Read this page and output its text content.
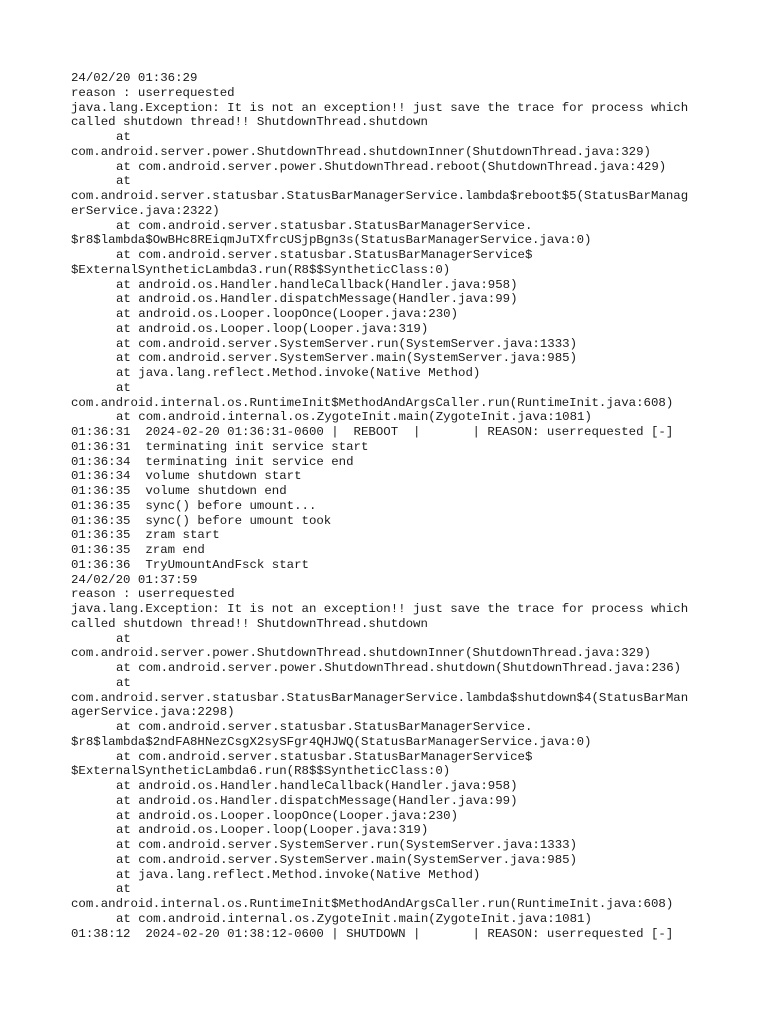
24/02/20 01:36:29
reason : userrequested
java.lang.Exception: It is not an exception!! just save the trace for process which
called shutdown thread!! ShutdownThread.shutdown
at
com.android.server.power.ShutdownThread.shutdownInner(ShutdownThread.java:329)
at com.android.server.power.ShutdownThread.reboot(ShutdownThread.java:429)
at
com.android.server.statusbar.StatusBarManagerService.lambda$reboot$5(StatusBarManag
erService.java:2322)
at com.android.server.statusbar.StatusBarManagerService.
$r8$lambda$OwBHc8REiqmJuTXfrcUSjpBgn3s(StatusBarManagerService.java:0)
at com.android.server.statusbar.StatusBarManagerService$
$ExternalSyntheticLambda3.run(R8$$SyntheticClass:0)
at android.os.Handler.handleCallback(Handler.java:958)
at android.os.Handler.dispatchMessage(Handler.java:99)
at android.os.Looper.loopOnce(Looper.java:230)
at android.os.Looper.loop(Looper.java:319)
at com.android.server.SystemServer.run(SystemServer.java:1333)
at com.android.server.SystemServer.main(SystemServer.java:985)
at java.lang.reflect.Method.invoke(Native Method)
at
com.android.internal.os.RuntimeInit$MethodAndArgsCaller.run(RuntimeInit.java:608)
at com.android.internal.os.ZygoteInit.main(ZygoteInit.java:1081)
01:36:31  2024-02-20 01:36:31-0600 |  REBOOT  |       | REASON: userrequested [-]
01:36:31  terminating init service start
01:36:34  terminating init service end
01:36:34  volume shutdown start
01:36:35  volume shutdown end
01:36:35  sync() before umount...
01:36:35  sync() before umount took
01:36:35  zram start
01:36:35  zram end
01:36:36  TryUmountAndFsck start
24/02/20 01:37:59
reason : userrequested
java.lang.Exception: It is not an exception!! just save the trace for process which
called shutdown thread!! ShutdownThread.shutdown
at
com.android.server.power.ShutdownThread.shutdownInner(ShutdownThread.java:329)
at com.android.server.power.ShutdownThread.shutdown(ShutdownThread.java:236)
at
com.android.server.statusbar.StatusBarManagerService.lambda$shutdown$4(StatusBarMan
agerService.java:2298)
at com.android.server.statusbar.StatusBarManagerService.
$r8$lambda$2ndFA8HNezCsgX2sySFgr4QHJWQ(StatusBarManagerService.java:0)
at com.android.server.statusbar.StatusBarManagerService$
$ExternalSyntheticLambda6.run(R8$$SyntheticClass:0)
at android.os.Handler.handleCallback(Handler.java:958)
at android.os.Handler.dispatchMessage(Handler.java:99)
at android.os.Looper.loopOnce(Looper.java:230)
at android.os.Looper.loop(Looper.java:319)
at com.android.server.SystemServer.run(SystemServer.java:1333)
at com.android.server.SystemServer.main(SystemServer.java:985)
at java.lang.reflect.Method.invoke(Native Method)
at
com.android.internal.os.RuntimeInit$MethodAndArgsCaller.run(RuntimeInit.java:608)
at com.android.internal.os.ZygoteInit.main(ZygoteInit.java:1081)
01:38:12  2024-02-20 01:38:12-0600 | SHUTDOWN |       | REASON: userrequested [-]
